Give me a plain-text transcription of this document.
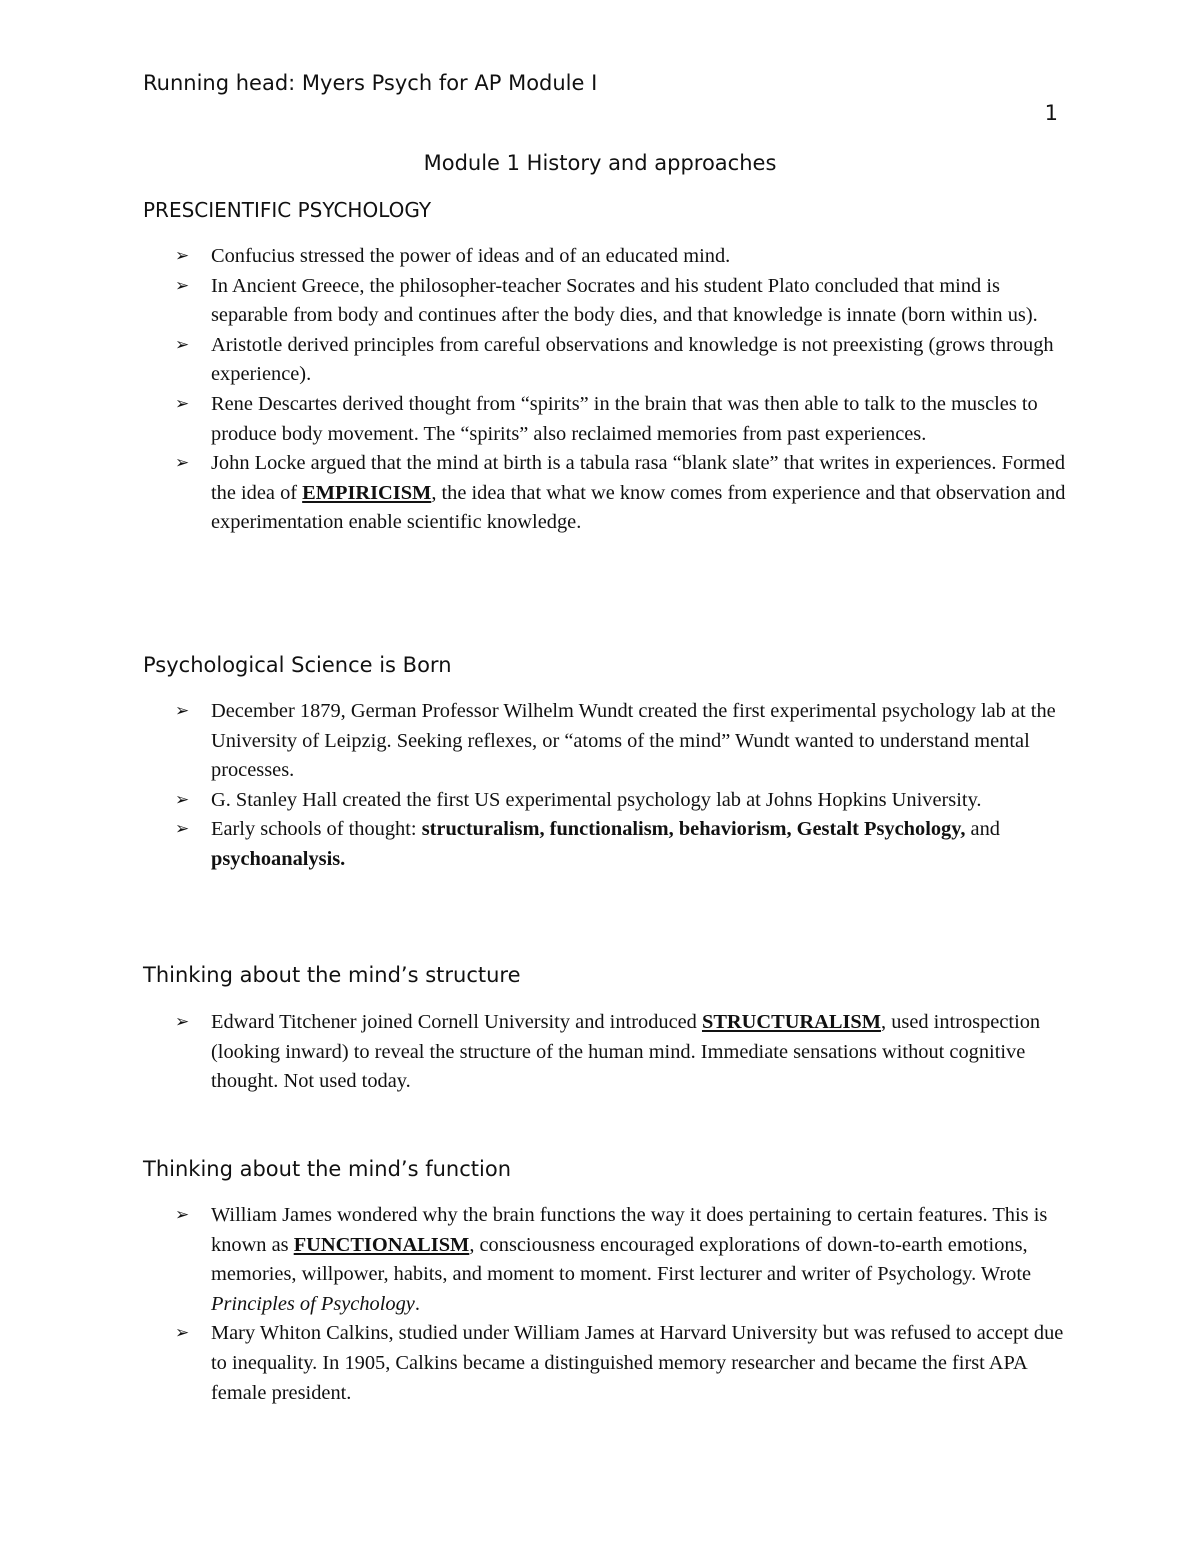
Running head: Myers Psych for AP Module I
1
Module 1 History and approaches
PRESCIENTIFIC PSYCHOLOGY
➢ Confucius stressed the power of ideas and of an educated mind.
➢ In Ancient Greece, the philosopher-teacher Socrates and his student Plato concluded that mind is separable from body and continues after the body dies, and that knowledge is innate (born within us).
➢ Aristotle derived principles from careful observations and knowledge is not preexisting (grows through experience).
➢ Rene Descartes derived thought from “spirits” in the brain that was then able to talk to the muscles to produce body movement. The “spirits” also reclaimed memories from past experiences.
➢ John Locke argued that the mind at birth is a tabula rasa “blank slate” that writes in experiences. Formed the idea of EMPIRICISM, the idea that what we know comes from experience and that observation and experimentation enable scientific knowledge.
Psychological Science is Born
➢ December 1879, German Professor Wilhelm Wundt created the first experimental psychology lab at the University of Leipzig. Seeking reflexes, or “atoms of the mind” Wundt wanted to understand mental processes.
➢ G. Stanley Hall created the first US experimental psychology lab at Johns Hopkins University.
➢ Early schools of thought: structuralism, functionalism, behaviorism, Gestalt Psychology, and psychoanalysis.
Thinking about the mind’s structure
➢ Edward Titchener joined Cornell University and introduced STRUCTURALISM, used introspection (looking inward) to reveal the structure of the human mind. Immediate sensations without cognitive thought. Not used today.
Thinking about the mind’s function
➢ William James wondered why the brain functions the way it does pertaining to certain features. This is known as FUNCTIONALISM, consciousness encouraged explorations of down-to-earth emotions, memories, willpower, habits, and moment to moment. First lecturer and writer of Psychology. Wrote Principles of Psychology.
➢ Mary Whiton Calkins, studied under William James at Harvard University but was refused to accept due to inequality. In 1905, Calkins became a distinguished memory researcher and became the first APA female president.
